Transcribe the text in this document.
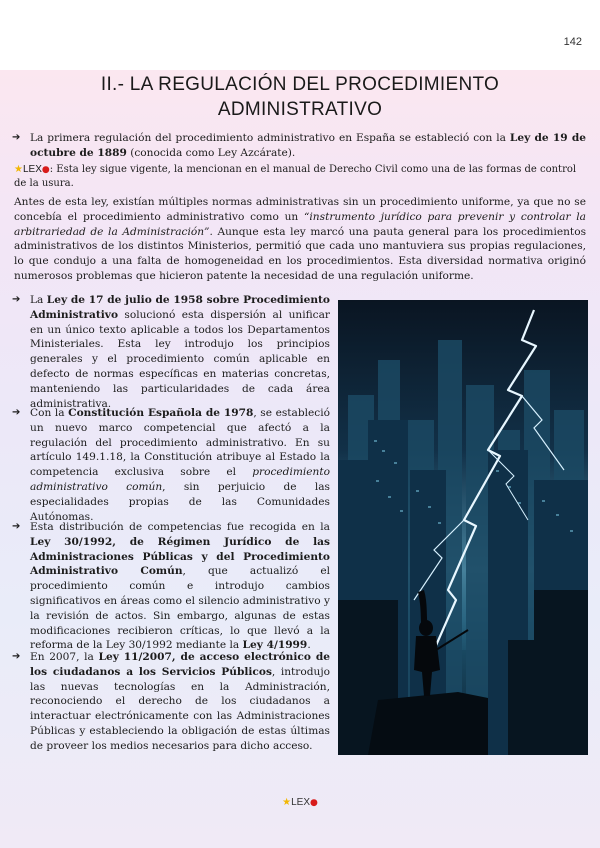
142
II.- LA REGULACIÓN DEL PROCEDIMIENTO
ADMINISTRATIVO
➔ La primera regulación del procedimiento administrativo en España se estableció con la Ley de 19 de octubre de 1889 (conocida como Ley Azcárate).
★LEX●: Esta ley sigue vigente, la mencionan en el manual de Derecho Civil como una de las formas de control de la usura.
Antes de esta ley, existían múltiples normas administrativas sin un procedimiento uniforme, ya que no se concebía el procedimiento administrativo como un “instrumento jurídico para prevenir y controlar la arbitrariedad de la Administración”. Aunque esta ley marcó una pauta general para los procedimientos administrativos de los distintos Ministerios, permitió que cada uno mantuviera sus propias regulaciones, lo que condujo a una falta de homogeneidad en los procedimientos. Esta diversidad normativa originó numerosos problemas que hicieron patente la necesidad de una regulación uniforme.
➔ La Ley de 17 de julio de 1958 sobre Procedimiento Administrativo solucionó esta dispersión al unificar en un único texto aplicable a todos los Departamentos Ministeriales. Esta ley introdujo los principios generales y el procedimiento común aplicable en defecto de normas específicas en materias concretas, manteniendo las particularidades de cada área administrativa.
➔ Con la Constitución Española de 1978, se estableció un nuevo marco competencial que afectó a la regulación del procedimiento administrativo. En su artículo 149.1.18, la Constitución atribuye al Estado la competencia exclusiva sobre el procedimiento administrativo común, sin perjuicio de las especialidades propias de las Comunidades Autónomas.
➔ Esta distribución de competencias fue recogida en la Ley 30/1992, de Régimen Jurídico de las Administraciones Públicas y del Procedimiento Administrativo Común, que actualizó el procedimiento común e introdujo cambios significativos en áreas como el silencio administrativo y la revisión de actos. Sin embargo, algunas de estas modificaciones recibieron críticas, lo que llevó a la reforma de la Ley 30/1992 mediante la Ley 4/1999.
➔ En 2007, la Ley 11/2007, de acceso electrónico de los ciudadanos a los Servicios Públicos, introdujo las nuevas tecnologías en la Administración, reconociendo el derecho de los ciudadanos a interactuar electrónicamente con las Administraciones Públicas y estableciendo la obligación de estas últimas de proveer los medios necesarios para dicho acceso.
★LEX●
